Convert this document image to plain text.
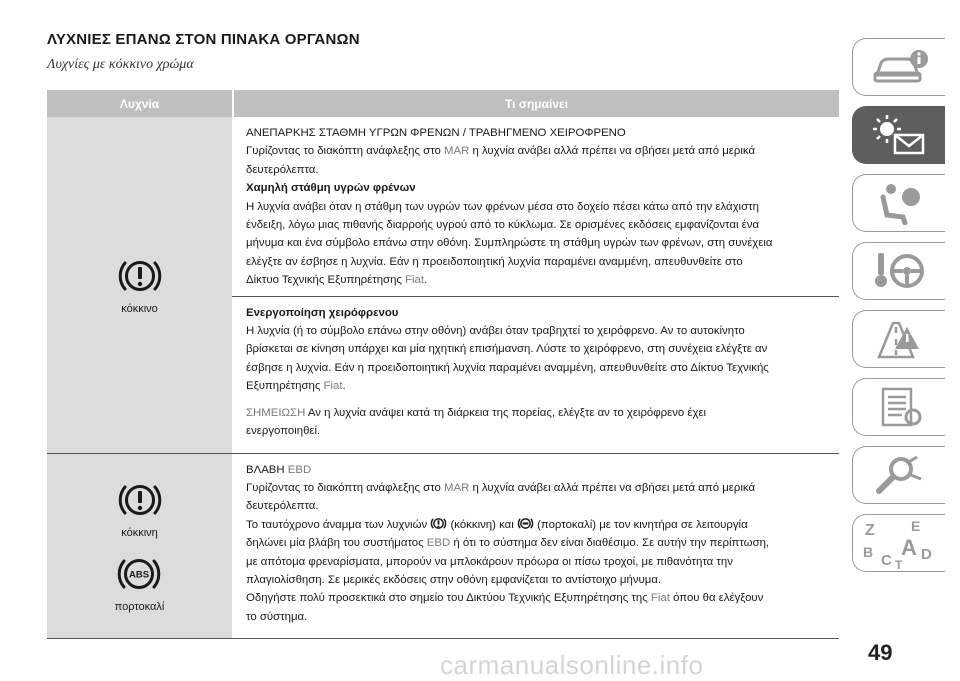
ΛΥΧΝΙΕΣ ΕΠΑΝΩ ΣΤΟΝ ΠΙΝΑΚΑ ΟΡΓΑΝΩΝ
Λυχνίες με κόκκινο χρώμα
Λυχνία	Τι σημαίνει
κόκκινο

ΑΝΕΠΑΡΚΗΣ ΣΤΑΘΜΗ ΥΓΡΩΝ ΦΡΕΝΩΝ / ΤΡΑΒΗΓΜΕΝΟ ΧΕΙΡΟΦΡΕΝΟ

Γυρίζοντας το διακόπτη ανάφλεξης στο MAR η λυχνία ανάβει αλλά πρέπει να σβήσει μετά από μερικά

δευτερόλεπτα.

Χαμηλή στάθμη υγρών φρένων

Η λυχνία ανάβει όταν η στάθμη των υγρών των φρένων μέσα στο δοχείο πέσει κάτω από την ελάχιστη

ένδειξη, λόγω μιας πιθανής διαρροής υγρού από το κύκλωμα. Σε ορισμένες εκδόσεις εμφανίζονται ένα

μήνυμα και ένα σύμβολο επάνω στην οθόνη. Συμπληρώστε τη στάθμη υγρών των φρένων, στη συνέχεια

ελέγξτε αν έσβησε η λυχνία. Εάν η προειδοποιητική λυχνία παραμένει αναμμένη, απευθυνθείτε στο

Δίκτυο Τεχνικής Εξυπηρέτησης Fiat.

Ενεργοποίηση χειρόφρενου

Η λυχνία (ή το σύμβολο επάνω στην οθόνη) ανάβει όταν τραβηχτεί το χειρόφρενο. Αν το αυτοκίνητο

βρίσκεται σε κίνηση υπάρχει και μία ηχητική επισήμανση. Λύστε το χειρόφρενο, στη συνέχεια ελέγξτε αν

έσβησε η λυχνία. Εάν η προειδοποιητική λυχνία παραμένει αναμμένη, απευθυνθείτε στο Δίκτυο Τεχνικής

Εξυπηρέτησης Fiat.

ΣΗΜΕΙΩΣΗ Αν η λυχνία ανάψει κατά τη διάρκεια της πορείας, ελέγξτε αν το χειρόφρενο έχει

ενεργοποιηθεί.

κόκκινη
ABS
πορτοκαλί

ΒΛΑΒΗ EBD

Γυρίζοντας το διακόπτη ανάφλεξης στο MAR η λυχνία ανάβει αλλά πρέπει να σβήσει μετά από μερικά

δευτερόλεπτα.

Το ταυτόχρονο άναμμα των λυχνιών  (κόκκινη) και  (πορτοκαλί) με τον κινητήρα σε λειτουργία

δηλώνει μία βλάβη του συστήματος EBD ή ότι το σύστημα δεν είναι διαθέσιμο. Σε αυτήν την περίπτωση,

με απότομα φρεναρίσματα, μπορούν να μπλοκάρουν πρόωρα οι πίσω τροχοί, με πιθανότητα την

πλαγιολίσθηση. Σε μερικές εκδόσεις στην οθόνη εμφανίζεται το αντίστοιχο μήνυμα.

Οδηγήστε πολύ προσεκτικά στο σημείο του Δικτύου Τεχνικής Εξυπηρέτησης της Fiat όπου θα ελέγξουν

το σύστημα.

Z	E
A
B C D
T
49
carmanualsonline.info
